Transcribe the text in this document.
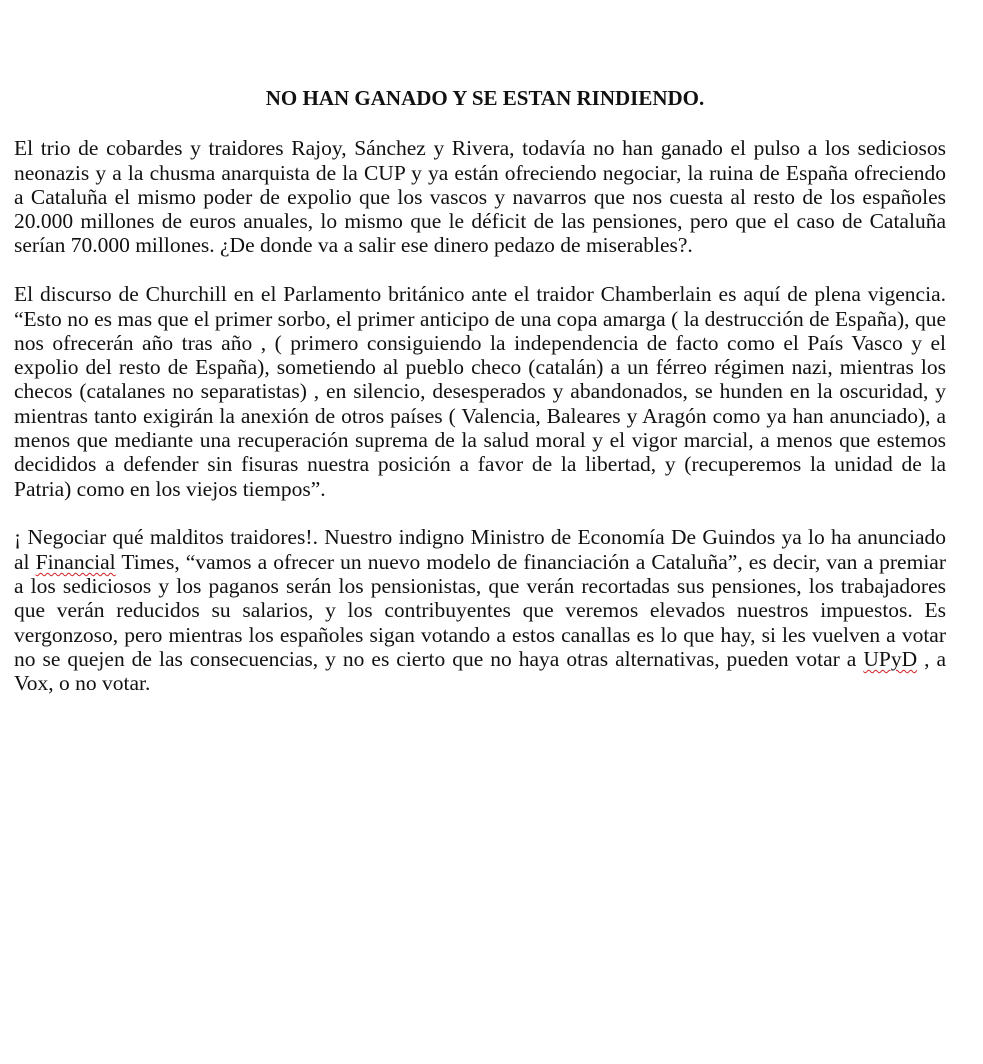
NO HAN GANADO Y SE ESTAN RINDIENDO.

El trio de cobardes y traidores Rajoy, Sánchez y Rivera, todavía no han ganado el pulso a los sediciosos neonazis y a la chusma anarquista de la CUP y ya están ofreciendo negociar, la ruina de España ofreciendo a Cataluña el mismo poder de expolio que los vascos y navarros que nos cuesta al resto de los españoles 20.000 millones de euros anuales, lo mismo que le déficit de las pensiones, pero que el caso de Cataluña serían 70.000 millones. ¿De donde va a salir ese dinero pedazo de miserables?.

El discurso de Churchill en el Parlamento británico ante el traidor Chamberlain es aquí de plena vigencia. “Esto no es mas que el primer sorbo, el primer anticipo de una copa amarga ( la destrucción de España), que nos ofrecerán año tras año , ( primero consiguiendo la independencia de facto como el País Vasco y el expolio del resto de España), sometiendo al pueblo checo (catalán) a un férreo régimen nazi, mientras los checos (catalanes no separatistas) , en silencio, desesperados y abandonados, se hunden en la oscuridad, y mientras tanto exigirán la anexión de otros países ( Valencia, Baleares y Aragón como ya han anunciado), a menos que mediante una recuperación suprema de la salud moral y el vigor marcial, a menos que estemos decididos a defender sin fisuras nuestra posición a favor de la libertad, y (recuperemos la unidad de la Patria) como en los viejos tiempos”.

¡ Negociar qué malditos traidores!. Nuestro indigno Ministro de Economía De Guindos ya lo ha anunciado al Financial Times, “vamos a ofrecer un nuevo modelo de financiación a Cataluña”, es decir, van a premiar a los sediciosos y los paganos serán los pensionistas, que verán recortadas sus pensiones, los trabajadores que verán reducidos su salarios, y los contribuyentes que veremos elevados nuestros impuestos. Es vergonzoso, pero mientras los españoles sigan votando a estos canallas es lo que hay, si les vuelven a votar no se quejen de las consecuencias, y no es cierto que no haya otras alternativas, pueden votar a UPyD , a Vox, o no votar.
